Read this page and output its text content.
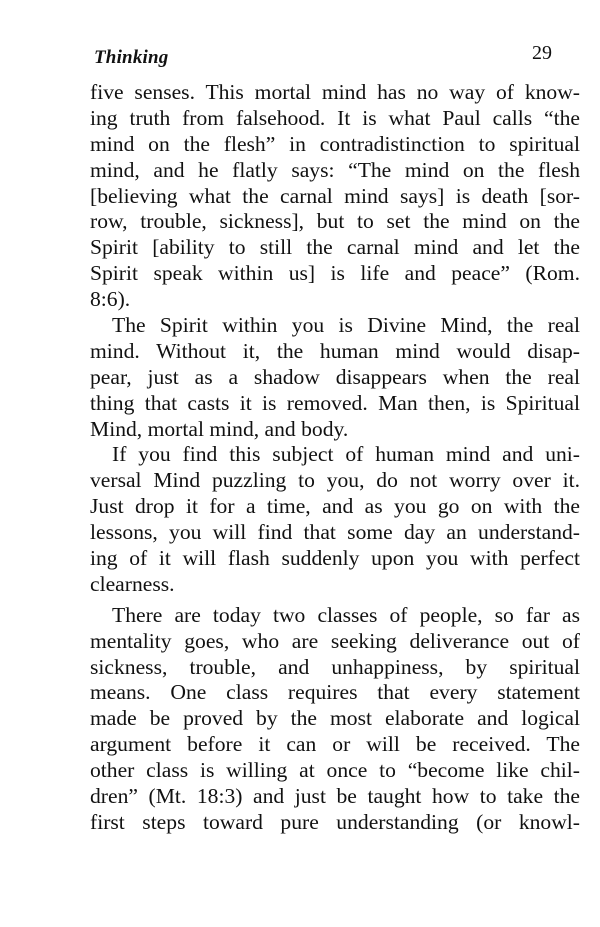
Thinking	29
five senses. This mortal mind has no way of know-
ing truth from falsehood. It is what Paul calls “the
mind on the flesh” in contradistinction to spiritual
mind, and he flatly says: “The mind on the flesh
[believing what the carnal mind says] is death [sor-
row, trouble, sickness], but to set the mind on the
Spirit [ability to still the carnal mind and let the
Spirit speak within us] is life and peace” (Rom.
8:6).
The Spirit within you is Divine Mind, the real
mind. Without it, the human mind would disap-
pear, just as a shadow disappears when the real
thing that casts it is removed. Man then, is Spiritual
Mind, mortal mind, and body.
If you find this subject of human mind and uni-
versal Mind puzzling to you, do not worry over it.
Just drop it for a time, and as you go on with the
lessons, you will find that some day an understand-
ing of it will flash suddenly upon you with perfect
clearness.
There are today two classes of people, so far as
mentality goes, who are seeking deliverance out of
sickness, trouble, and unhappiness, by spiritual
means. One class requires that every statement
made be proved by the most elaborate and logical
argument before it can or will be received. The
other class is willing at once to “become like chil-
dren” (Mt. 18:3) and just be taught how to take the
first steps toward pure understanding (or knowl-
